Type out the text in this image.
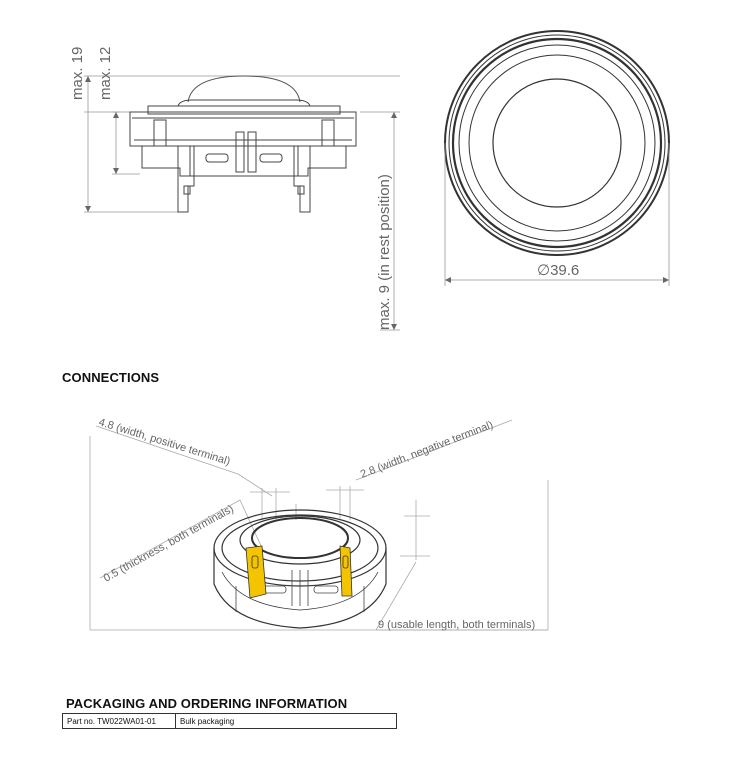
max. 19 max. 12
max. 9 (in rest position)	∅39.6
4.8 (width, positive terminal)	2.8 (width, negative terminal)
0.5 (thickness, both terminals)
9 (usable length, both terminals)
CONNECTIONS
PACKAGING AND ORDERING INFORMATION
Part no. TW022WA01-01	Bulk packaging
